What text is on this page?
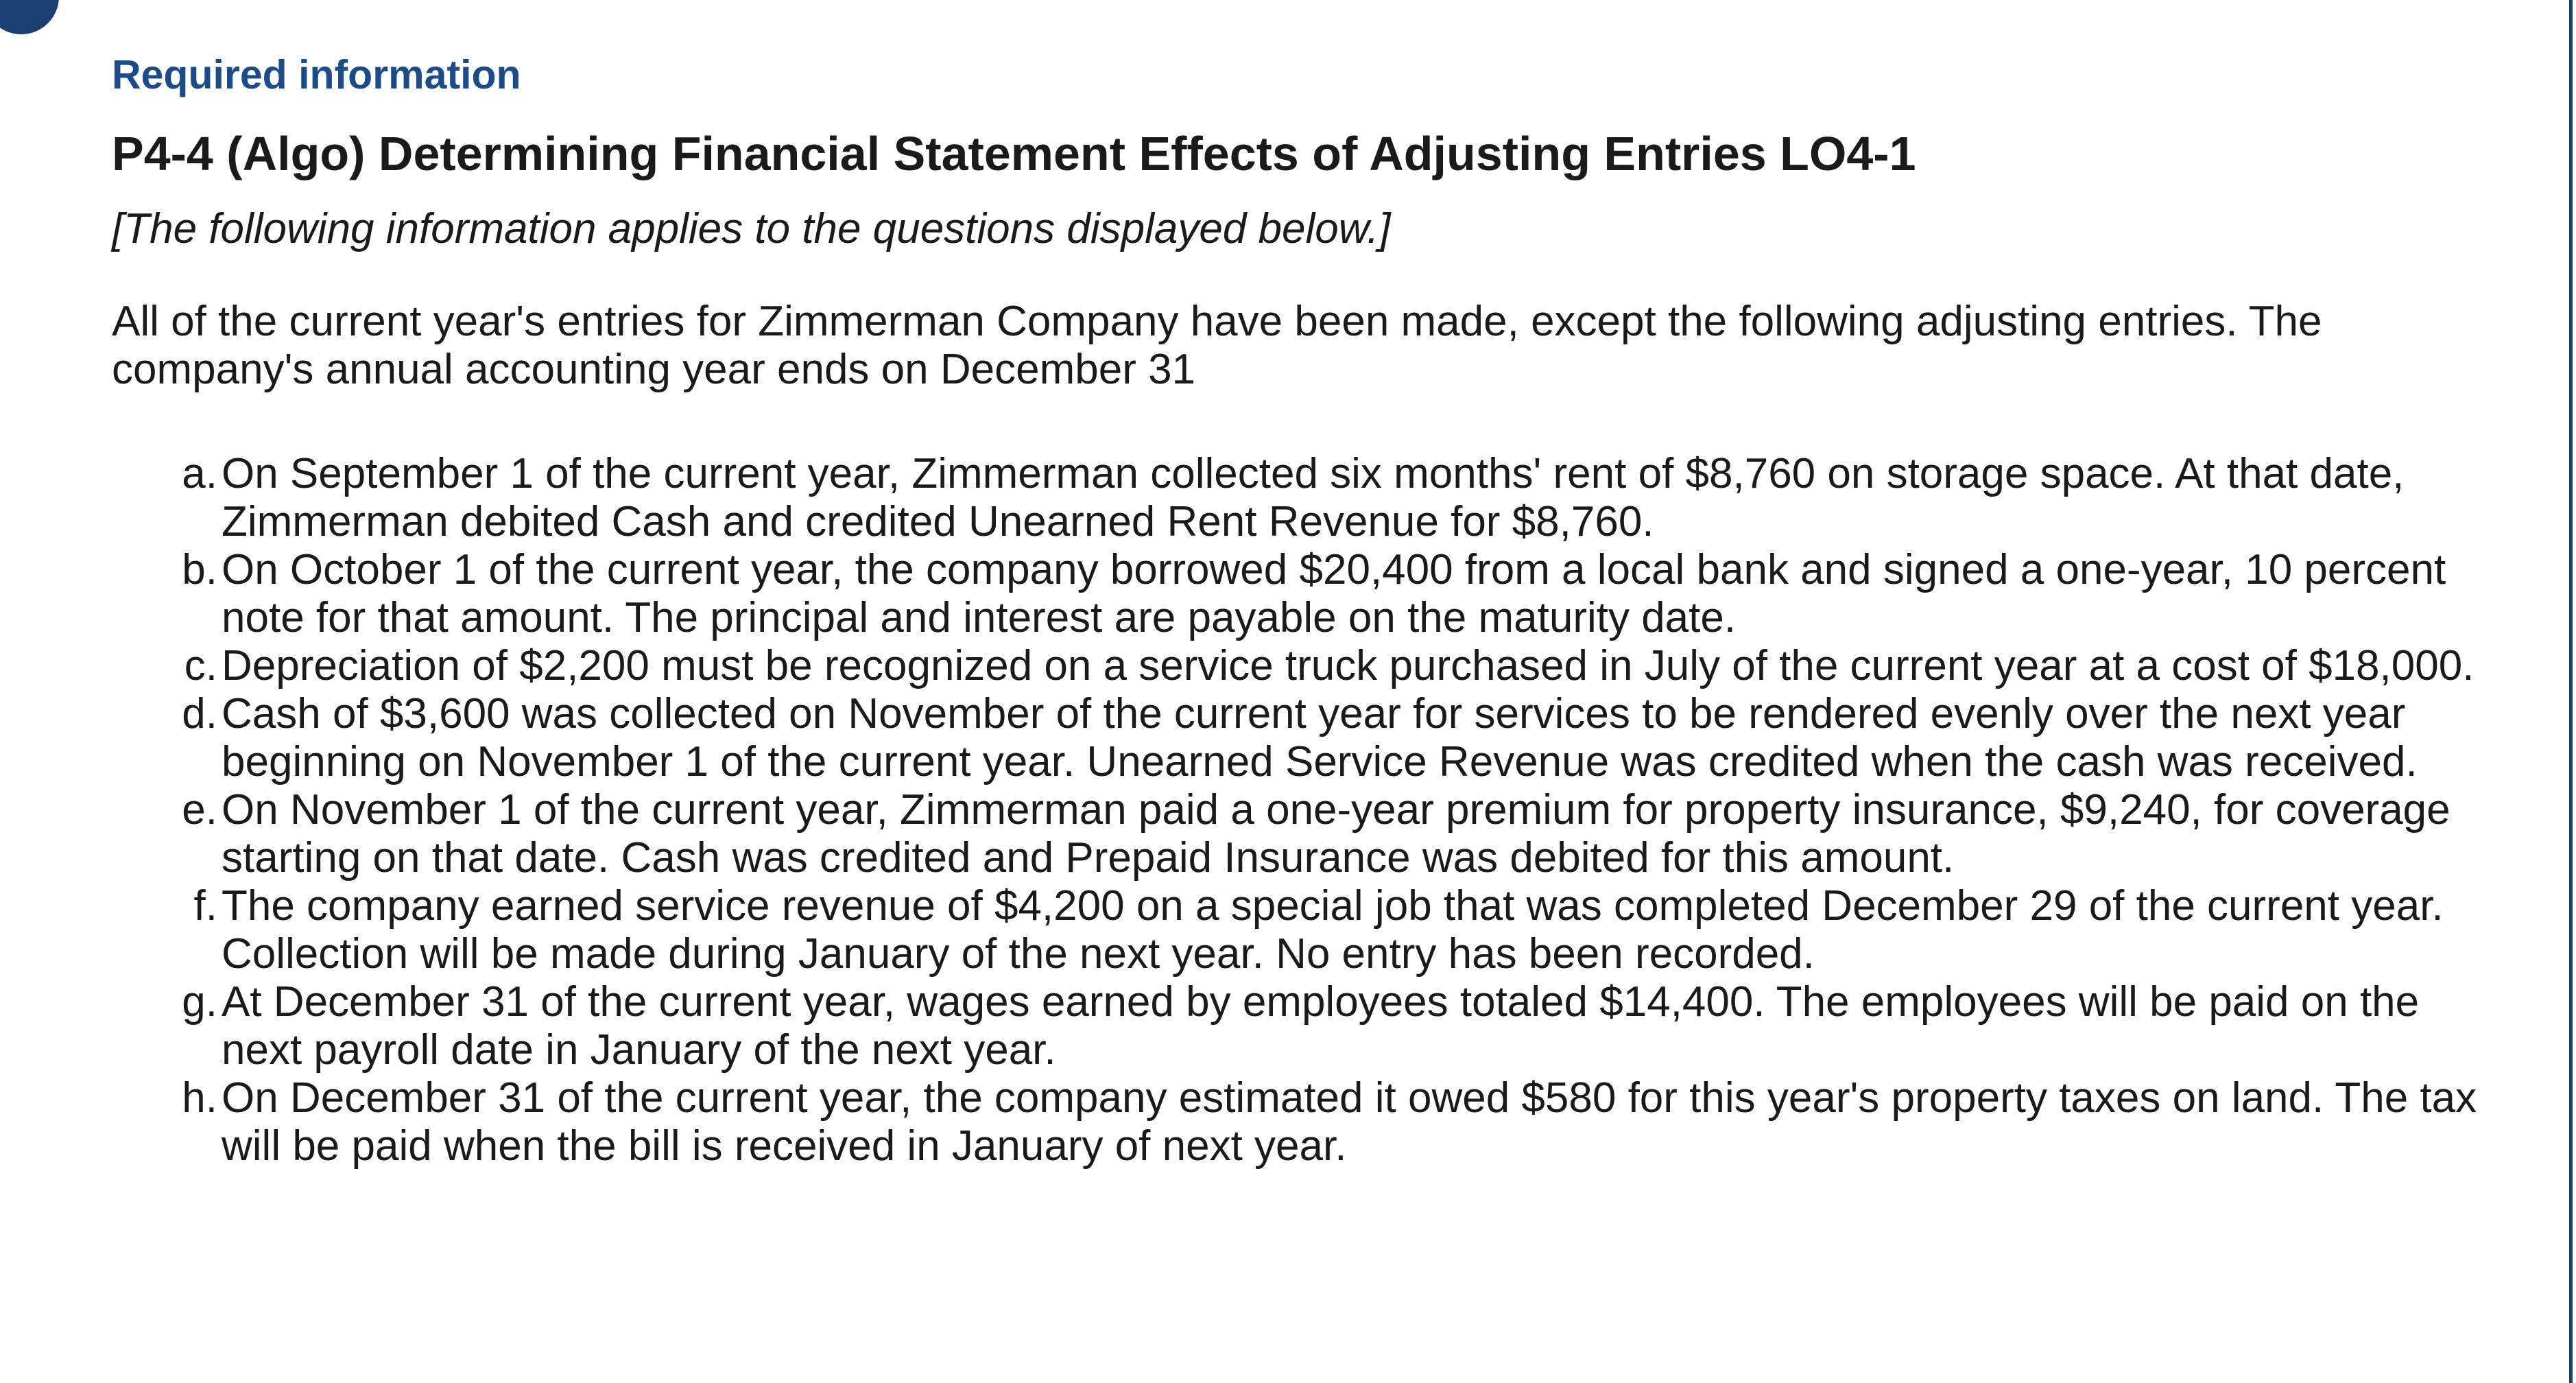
Required information
P4-4 (Algo) Determining Financial Statement Effects of Adjusting Entries LO4-1

[The following information applies to the questions displayed below.]

All of the current year's entries for Zimmerman Company have been made, except the following adjusting entries. The company's annual accounting year ends on December 31

a. On September 1 of the current year, Zimmerman collected six months' rent of $8,760 on storage space. At that date, Zimmerman debited Cash and credited Unearned Rent Revenue for $8,760.
b. On October 1 of the current year, the company borrowed $20,400 from a local bank and signed a one-year, 10 percent note for that amount. The principal and interest are payable on the maturity date.
c. Depreciation of $2,200 must be recognized on a service truck purchased in July of the current year at a cost of $18,000.
d. Cash of $3,600 was collected on November of the current year for services to be rendered evenly over the next year beginning on November 1 of the current year. Unearned Service Revenue was credited when the cash was received.
e. On November 1 of the current year, Zimmerman paid a one-year premium for property insurance, $9,240, for coverage starting on that date. Cash was credited and Prepaid Insurance was debited for this amount.
f. The company earned service revenue of $4,200 on a special job that was completed December 29 of the current year. Collection will be made during January of the next year. No entry has been recorded.
g. At December 31 of the current year, wages earned by employees totaled $14,400. The employees will be paid on the next payroll date in January of the next year.
h. On December 31 of the current year, the company estimated it owed $580 for this year's property taxes on land. The tax will be paid when the bill is received in January of next year.
